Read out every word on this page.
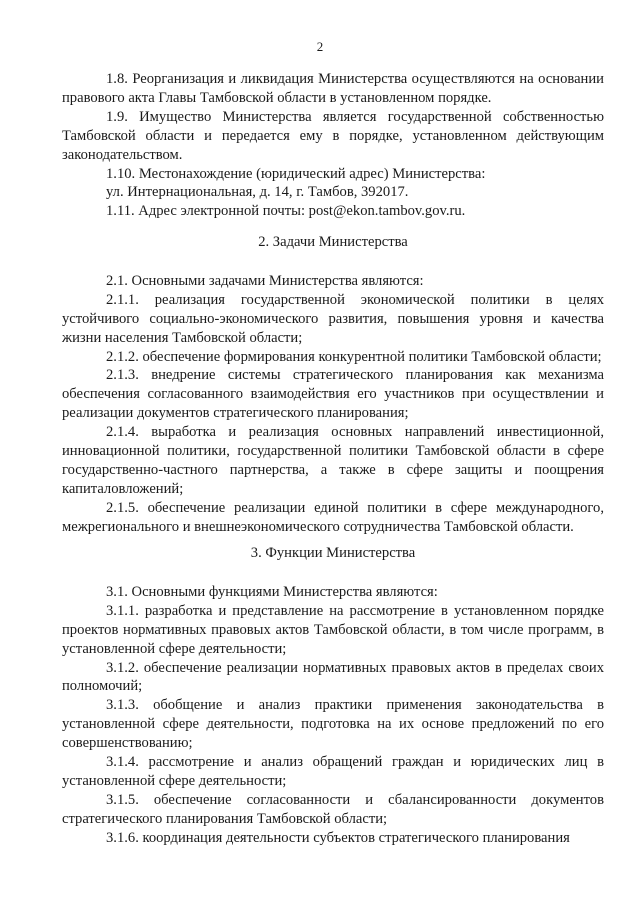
2

1.8. Реорганизация и ликвидация Министерства осуществляются на основании правового акта Главы Тамбовской области в установленном порядке.

1.9. Имущество Министерства является государственной собственностью Тамбовской области и передается ему в порядке, установленном действующим законодательством.

1.10. Местонахождение (юридический адрес) Министерства:

ул. Интернациональная, д. 14, г. Тамбов, 392017.

1.11. Адрес электронной почты: post@ekon.tambov.gov.ru.

2. Задачи Министерства

2.1. Основными задачами Министерства являются:

2.1.1. реализация государственной экономической политики в целях устойчивого социально-экономического развития, повышения уровня и качества жизни населения Тамбовской области;

2.1.2. обеспечение формирования конкурентной политики Тамбовской области;

2.1.3. внедрение системы стратегического планирования как механизма обеспечения согласованного взаимодействия его участников при осуществлении и реализации документов стратегического планирования;

2.1.4. выработка и реализация основных направлений инвестиционной, инновационной политики, государственной политики Тамбовской области в сфере государственно-частного партнерства, а также в сфере защиты и поощрения капиталовложений;

2.1.5. обеспечение реализации единой политики в сфере международного, межрегионального и внешнеэкономического сотрудничества Тамбовской области.

3. Функции Министерства

3.1. Основными функциями Министерства являются:

3.1.1. разработка и представление на рассмотрение в установленном порядке проектов нормативных правовых актов Тамбовской области, в том числе программ, в установленной сфере деятельности;

3.1.2. обеспечение реализации нормативных правовых актов в пределах своих полномочий;

3.1.3. обобщение и анализ практики применения законодательства в установленной сфере деятельности, подготовка на их основе предложений по его совершенствованию;

3.1.4. рассмотрение и анализ обращений граждан и юридических лиц в установленной сфере деятельности;

3.1.5. обеспечение согласованности и сбалансированности документов стратегического планирования Тамбовской области;

3.1.6. координация деятельности субъектов стратегического планирования
